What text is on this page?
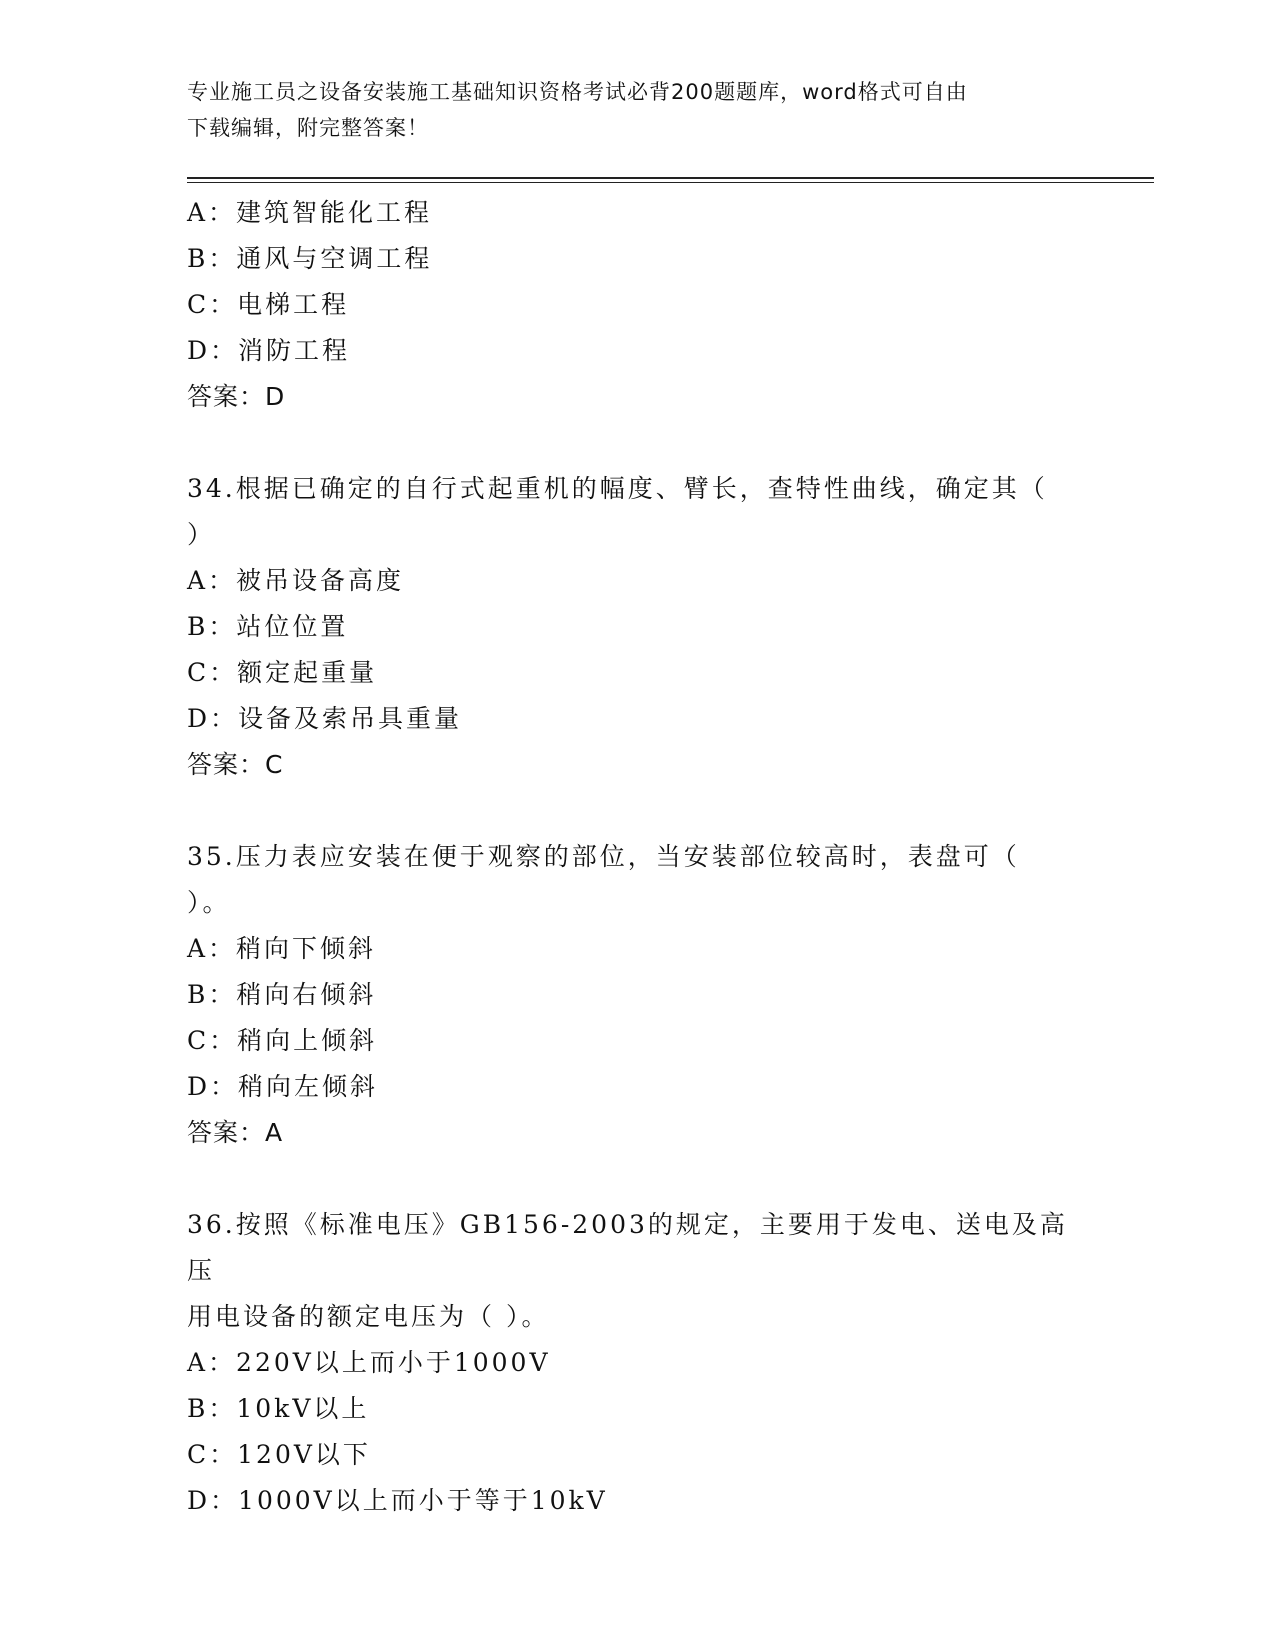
专业施工员之设备安装施工基础知识资格考试必背200题题库，word格式可自由
下载编辑，附完整答案！
A：建筑智能化工程
B：通风与空调工程
C：电梯工程
D：消防工程
答案：D
34.根据已确定的自行式起重机的幅度、臂长，查特性曲线，确定其（
）
A：被吊设备高度
B：站位位置
C：额定起重量
D：设备及索吊具重量
答案：C
35.压力表应安装在便于观察的部位，当安装部位较高时，表盘可（
）。
A：稍向下倾斜
B：稍向右倾斜
C：稍向上倾斜
D：稍向左倾斜
答案：A
36.按照《标准电压》GB156-2003的规定，主要用于发电、送电及高压
用电设备的额定电压为（ ）。
A：220V以上而小于1000V
B：10kV以上
C：120V以下
D：1000V以上而小于等于10kV
